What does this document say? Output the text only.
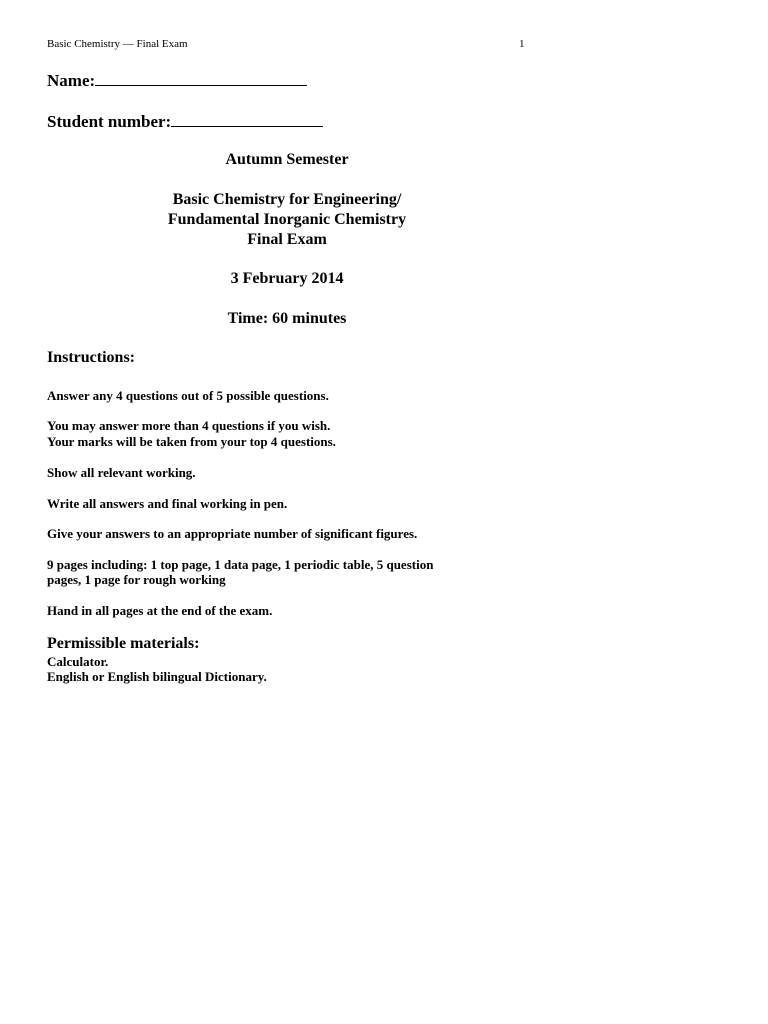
Basic Chemistry — Final Exam	1
Name:
Student number:
Autumn Semester
Basic Chemistry for Engineering/
Fundamental Inorganic Chemistry
Final Exam
3 February 2014
Time: 60 minutes
Instructions:
Answer any 4 questions out of 5 possible questions.
You may answer more than 4 questions if you wish.
Your marks will be taken from your top 4 questions.
Show all relevant working.
Write all answers and final working in pen.
Give your answers to an appropriate number of significant figures.
9 pages including: 1 top page, 1 data page, 1 periodic table, 5 question
pages, 1 page for rough working
Hand in all pages at the end of the exam.
Permissible materials:
Calculator.
English or English bilingual Dictionary.
